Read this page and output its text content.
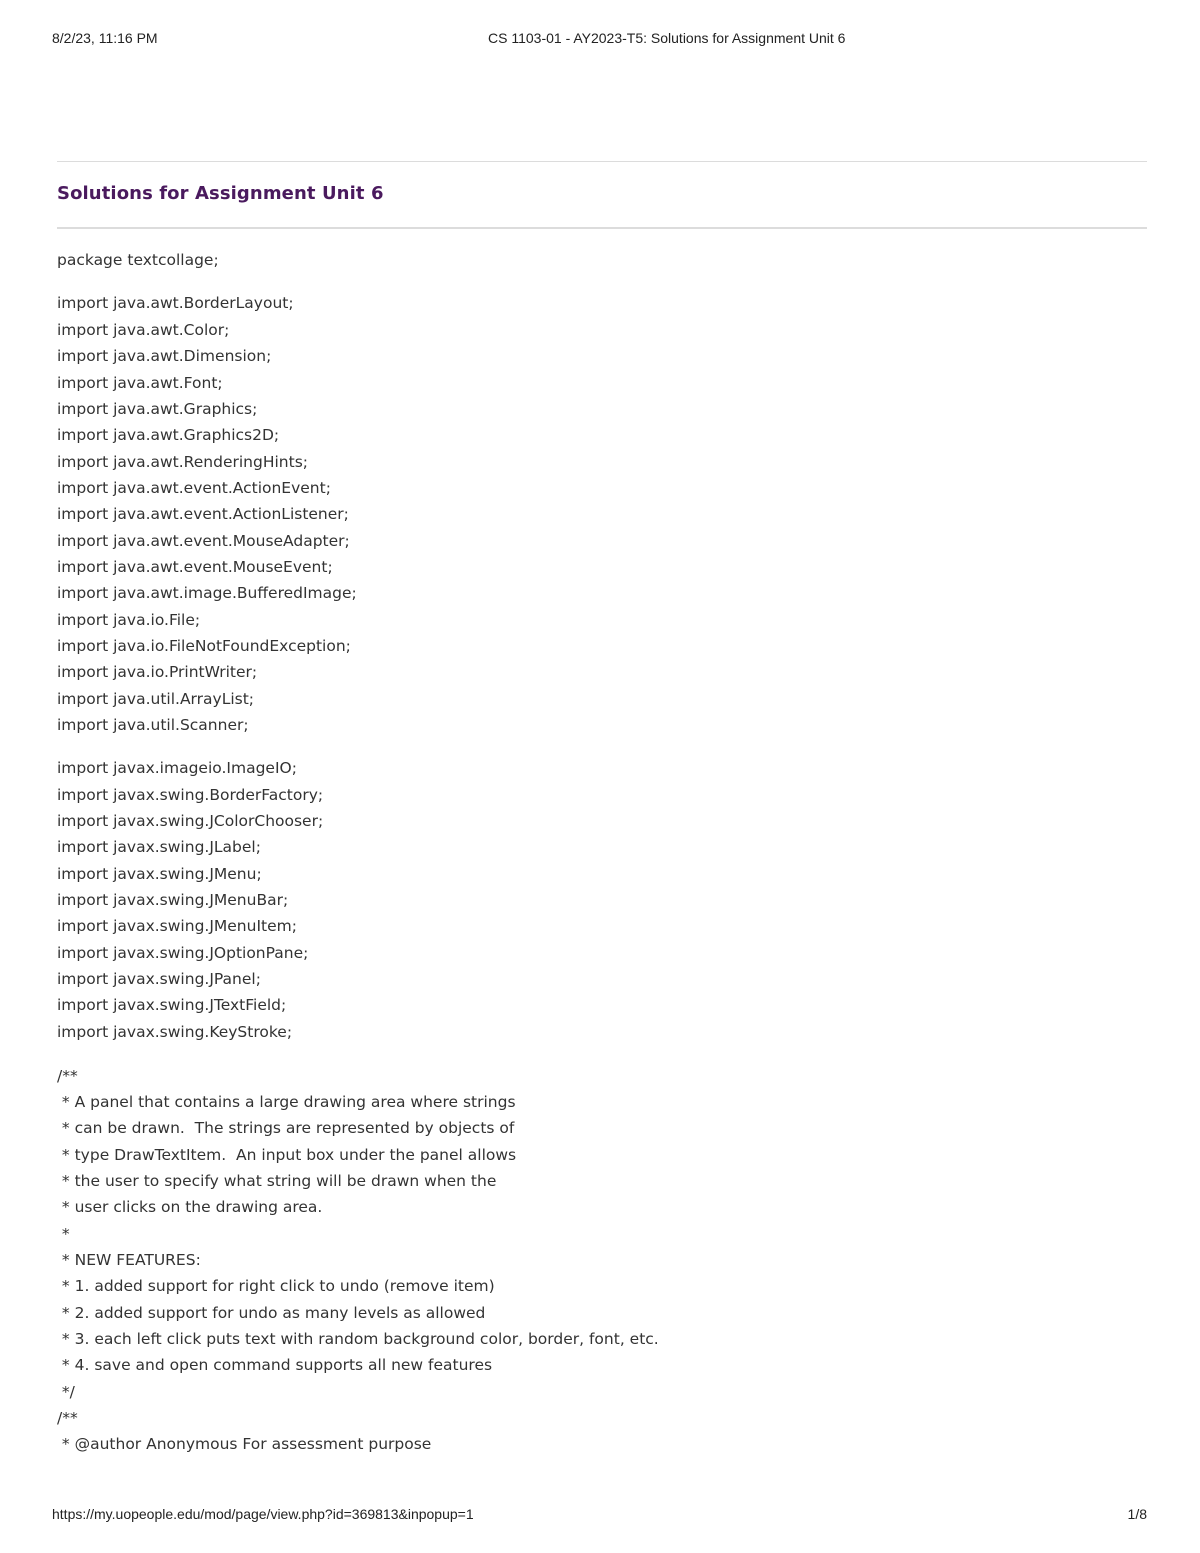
8/2/23, 11:16 PM	CS 1103-01 - AY2023-T5: Solutions for Assignment Unit 6
Solutions for Assignment Unit 6
package textcollage;
import java.awt.BorderLayout;
import java.awt.Color;
import java.awt.Dimension;
import java.awt.Font;
import java.awt.Graphics;
import java.awt.Graphics2D;
import java.awt.RenderingHints;
import java.awt.event.ActionEvent;
import java.awt.event.ActionListener;
import java.awt.event.MouseAdapter;
import java.awt.event.MouseEvent;
import java.awt.image.BufferedImage;
import java.io.File;
import java.io.FileNotFoundException;
import java.io.PrintWriter;
import java.util.ArrayList;
import java.util.Scanner;
import javax.imageio.ImageIO;
import javax.swing.BorderFactory;
import javax.swing.JColorChooser;
import javax.swing.JLabel;
import javax.swing.JMenu;
import javax.swing.JMenuBar;
import javax.swing.JMenuItem;
import javax.swing.JOptionPane;
import javax.swing.JPanel;
import javax.swing.JTextField;
import javax.swing.KeyStroke;
/**
* A panel that contains a large drawing area where strings
* can be drawn.  The strings are represented by objects of
* type DrawTextItem.  An input box under the panel allows
* the user to specify what string will be drawn when the
* user clicks on the drawing area.
*
* NEW FEATURES:
* 1. added support for right click to undo (remove item)
* 2. added support for undo as many levels as allowed
* 3. each left click puts text with random background color, border, font, etc.
* 4. save and open command supports all new features
*/
/**
* @author Anonymous For assessment purpose
https://my.uopeople.edu/mod/page/view.php?id=369813&inpopup=1	1/8
